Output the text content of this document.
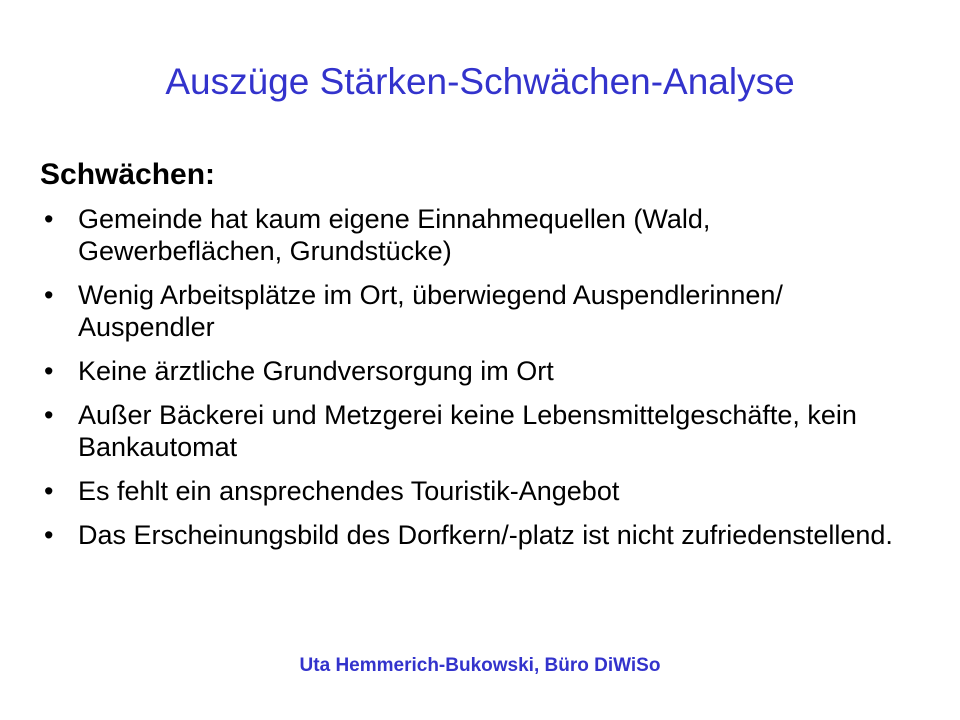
Auszüge Stärken-Schwächen-Analyse
Schwächen:
• Gemeinde hat kaum eigene Einnahmequellen (Wald, Gewerbeflächen, Grundstücke)
• Wenig Arbeitsplätze im Ort, überwiegend Auspendlerinnen/ Auspendler
• Keine ärztliche Grundversorgung im Ort
• Außer Bäckerei und Metzgerei keine Lebensmittelgeschäfte, kein Bankautomat
• Es fehlt ein ansprechendes Touristik-Angebot
• Das Erscheinungsbild des Dorfkern/-platz ist nicht zufriedenstellend.
Uta Hemmerich-Bukowski, Büro DiWiSo
